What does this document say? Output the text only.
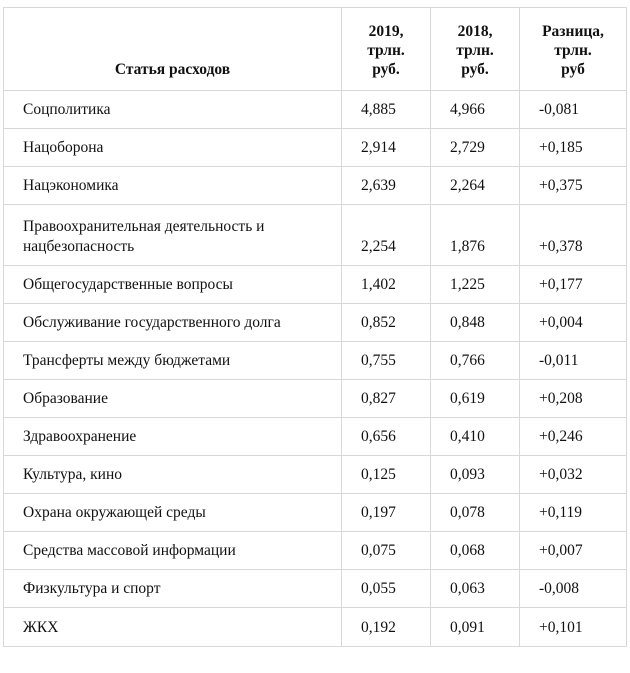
Статья расходов	2019,
трлн.
руб.	2018,
трлн.
руб.	Разница,
трлн.
руб
Соцполитика	4,885	4,966	-0,081
Нацоборона	2,914	2,729	+0,185
Нацэкономика	2,639	2,264	+0,375
Правоохранительная деятельность и нацбезопасность	2,254	1,876	+0,378
Общегосударственные вопросы	1,402	1,225	+0,177
Обслуживание государственного долга	0,852	0,848	+0,004
Трансферты между бюджетами	0,755	0,766	-0,011
Образование	0,827	0,619	+0,208
Здравоохранение	0,656	0,410	+0,246
Культура, кино	0,125	0,093	+0,032
Охрана окружающей среды	0,197	0,078	+0,119
Средства массовой информации	0,075	0,068	+0,007
Физкультура и спорт	0,055	0,063	-0,008
ЖКХ	0,192	0,091	+0,101
